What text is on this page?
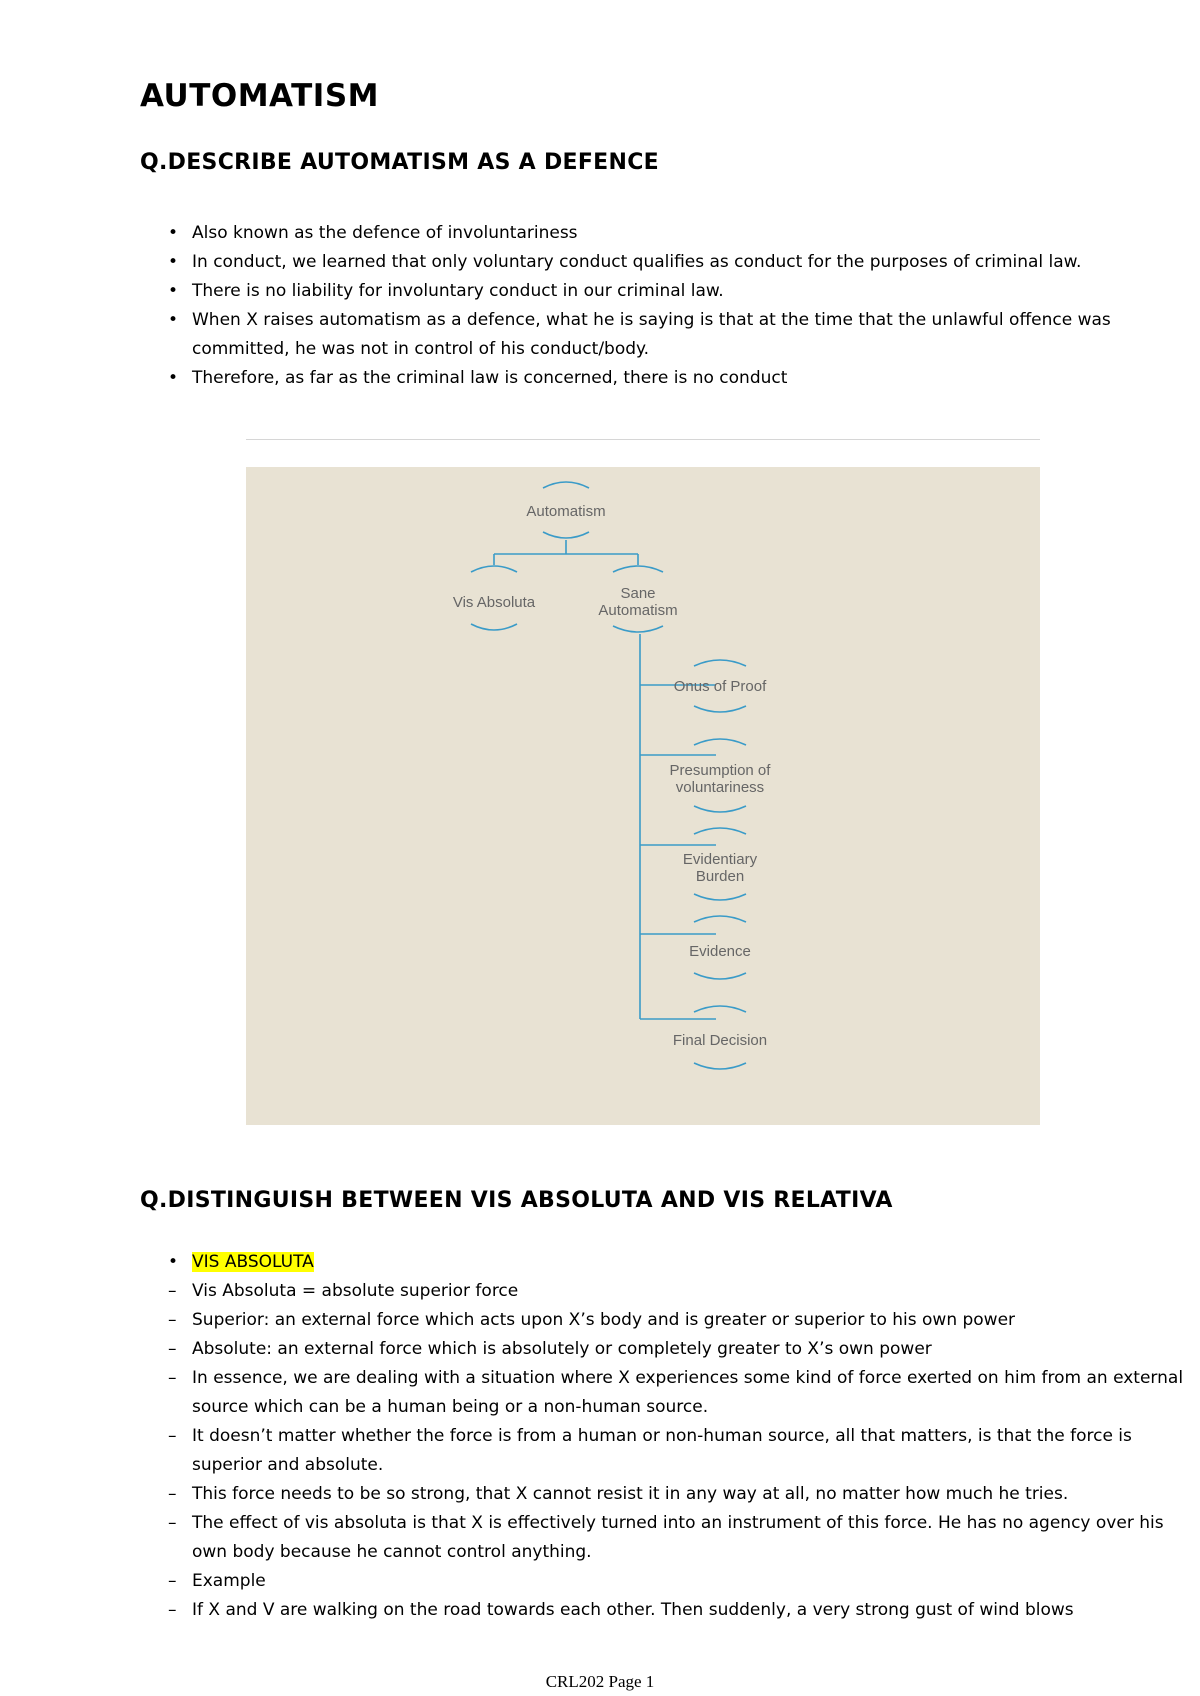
AUTOMATISM
Q.DESCRIBE AUTOMATISM AS A DEFENCE
• Also known as the defence of involuntariness
• In conduct, we learned that only voluntary conduct qualifies as conduct for the purposes of criminal law.
• There is no liability for involuntary conduct in our criminal law.
• When X raises automatism as a defence, what he is saying is that at the time that the unlawful offence was committed, he was not in control of his conduct/body.
• Therefore, as far as the criminal law is concerned, there is no conduct
Automatism
Vis Absoluta
Sane Automatism
Onus of Proof
Presumption of voluntariness
Evidentiary Burden
Evidence
Final Decision
Q.DISTINGUISH BETWEEN VIS ABSOLUTA AND VIS RELATIVA
• VIS ABSOLUTA
– Vis Absoluta = absolute superior force
– Superior: an external force which acts upon X’s body and is greater or superior to his own power
– Absolute: an external force which is absolutely or completely greater to X’s own power
– In essence, we are dealing with a situation where X experiences some kind of force exerted on him from an external source which can be a human being or a non-human source.
– It doesn’t matter whether the force is from a human or non-human source, all that matters, is that the force is superior and absolute.
– This force needs to be so strong, that X cannot resist it in any way at all, no matter how much he tries.
– The effect of vis absoluta is that X is effectively turned into an instrument of this force. He has no agency over his own body because he cannot control anything.
– Example
– If X and V are walking on the road towards each other. Then suddenly, a very strong gust of wind blows
CRL202 Page 1
